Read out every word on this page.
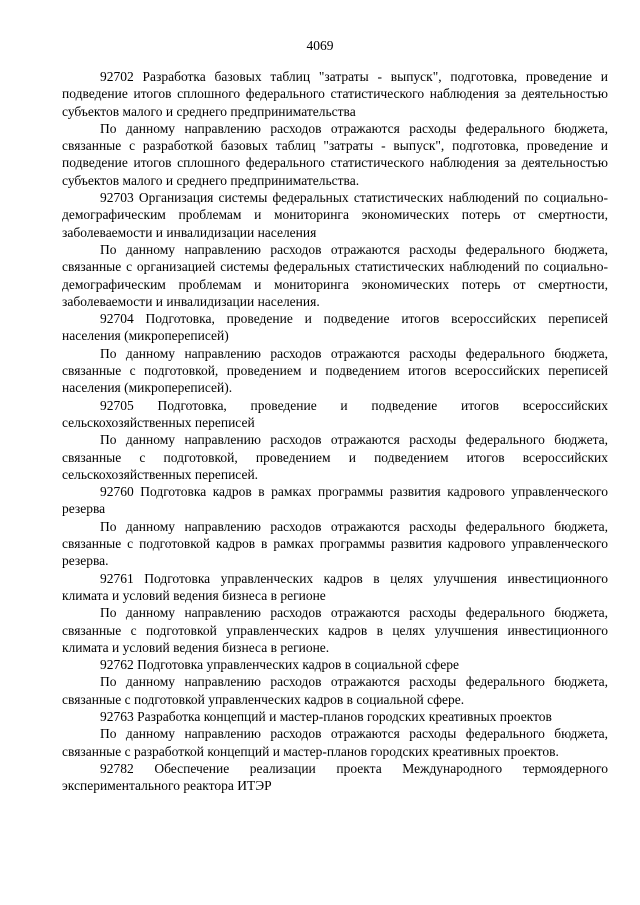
4069

92702 Разработка базовых таблиц "затраты - выпуск", подготовка, проведение и подведение итогов сплошного федерального статистического наблюдения за деятельностью субъектов малого и среднего предпринимательства

По данному направлению расходов отражаются расходы федерального бюджета, связанные с разработкой базовых таблиц "затраты - выпуск", подготовка, проведение и подведение итогов сплошного федерального статистического наблюдения за деятельностью субъектов малого и среднего предпринимательства.

92703 Организация системы федеральных статистических наблюдений по социально-демографическим проблемам и мониторинга экономических потерь от смертности, заболеваемости и инвалидизации населения

По данному направлению расходов отражаются расходы федерального бюджета, связанные с организацией системы федеральных статистических наблюдений по социально-демографическим проблемам и мониторинга экономических потерь от смертности, заболеваемости и инвалидизации населения.

92704 Подготовка, проведение и подведение итогов всероссийских переписей населения (микропереписей)

По данному направлению расходов отражаются расходы федерального бюджета, связанные с подготовкой, проведением и подведением итогов всероссийских переписей населения (микропереписей).

92705 Подготовка, проведение и подведение итогов всероссийских сельскохозяйственных переписей

По данному направлению расходов отражаются расходы федерального бюджета, связанные с подготовкой, проведением и подведением итогов всероссийских сельскохозяйственных переписей.

92760 Подготовка кадров в рамках программы развития кадрового управленческого резерва

По данному направлению расходов отражаются расходы федерального бюджета, связанные с подготовкой кадров в рамках программы развития кадрового управленческого резерва.

92761 Подготовка управленческих кадров в целях улучшения инвестиционного климата и условий ведения бизнеса в регионе

По данному направлению расходов отражаются расходы федерального бюджета, связанные с подготовкой управленческих кадров в целях улучшения инвестиционного климата и условий ведения бизнеса в регионе.

92762 Подготовка управленческих кадров в социальной сфере

По данному направлению расходов отражаются расходы федерального бюджета, связанные с подготовкой управленческих кадров в социальной сфере.

92763 Разработка концепций и мастер-планов городских креативных проектов

По данному направлению расходов отражаются расходы федерального бюджета, связанные с разработкой концепций и мастер-планов городских креативных проектов.

92782 Обеспечение реализации проекта Международного термоядерного экспериментального реактора ИТЭР
